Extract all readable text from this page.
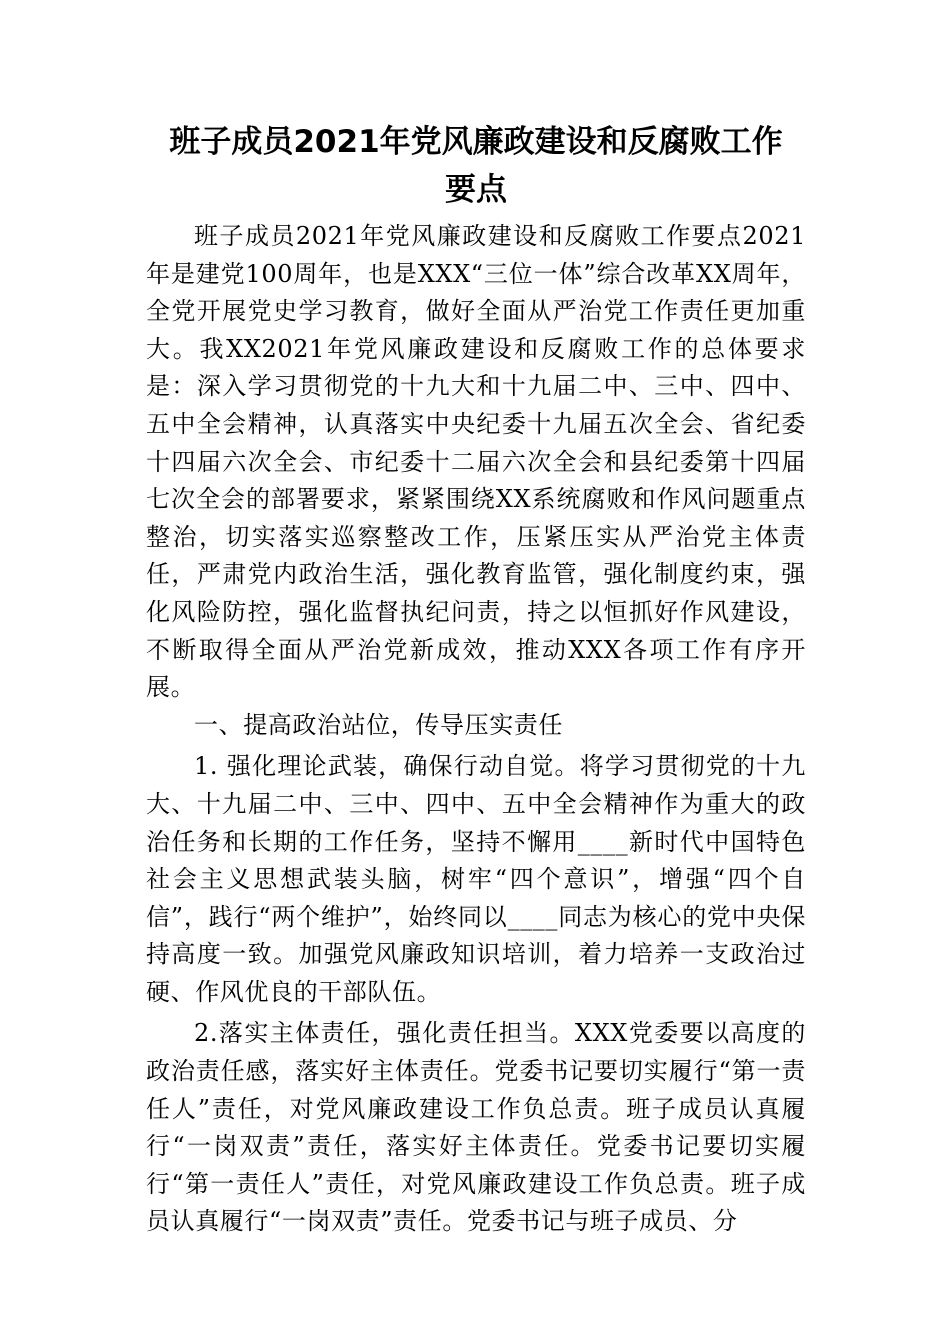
班子成员2021年党风廉政建设和反腐败工作
要点

班子成员2021年党风廉政建设和反腐败工作要点2021年是建党100周年，也是XXX“三位一体”综合改革XX周年，全党开展党史学习教育，做好全面从严治党工作责任更加重大。我XX2021年党风廉政建设和反腐败工作的总体要求是：深入学习贯彻党的十九大和十九届二中、三中、四中、五中全会精神，认真落实中央纪委十九届五次全会、省纪委十四届六次全会、市纪委十二届六次全会和县纪委第十四届七次全会的部署要求，紧紧围绕XX系统腐败和作风问题重点整治，切实落实巡察整改工作，压紧压实从严治党主体责任，严肃党内政治生活，强化教育监管，强化制度约束，强化风险防控，强化监督执纪问责，持之以恒抓好作风建设，不断取得全面从严治党新成效，推动XXX各项工作有序开展。

一、提高政治站位，传导压实责任

1. 强化理论武装，确保行动自觉。将学习贯彻党的十九大、十九届二中、三中、四中、五中全会精神作为重大的政治任务和长期的工作任务，坚持不懈用____新时代中国特色社会主义思想武装头脑，树牢“四个意识”，增强“四个自信”，践行“两个维护”，始终同以____同志为核心的党中央保持高度一致。加强党风廉政知识培训，着力培养一支政治过硬、作风优良的干部队伍。

2.落实主体责任，强化责任担当。XXX党委要以高度的政治责任感，落实好主体责任。党委书记要切实履行“第一责任人”责任，对党风廉政建设工作负总责。班子成员认真履行“一岗双责”责任，落实好主体责任。党委书记要切实履行“第一责任人”责任，对党风廉政建设工作负总责。班子成员认真履行“一岗双责”责任。党委书记与班子成员、分
